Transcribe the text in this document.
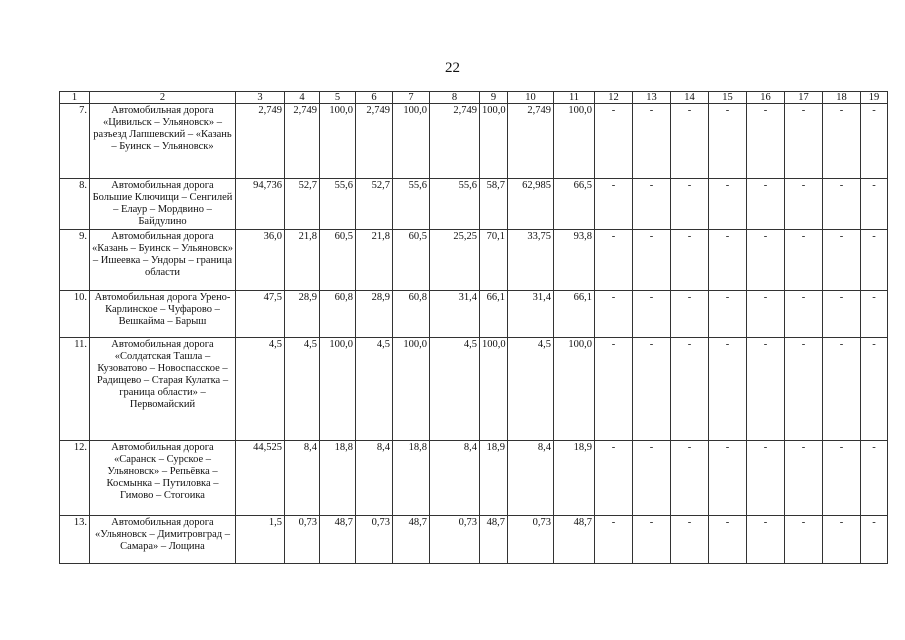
22
1	2	3	4	5	6	7	8	9	10	11	12	13	14	15	16	17	18	19
7.	Автомобильная дорога «Цивильск – Ульяновск» – разъезд Лапшевский – «Казань – Буинск – Ульяновск»	2,749	2,749	100,0	2,749	100,0	2,749	100,0	2,749	100,0	-	-	-	-	-	-	-	-
8.	Автомобильная дорога Большие Ключищи – Сенгилей – Елаур – Мордвино – Байдулино	94,736	52,7	55,6	52,7	55,6	55,6	58,7	62,985	66,5	-	-	-	-	-	-	-	-
9.	Автомобильная дорога «Казань – Буинск – Ульяновск» – Ишеевка – Ундоры – граница области	36,0	21,8	60,5	21,8	60,5	25,25	70,1	33,75	93,8	-	-	-	-	-	-	-	-
10.	Автомобильная дорога Урено-Карлинское – Чуфарово – Вешкайма – Барыш	47,5	28,9	60,8	28,9	60,8	31,4	66,1	31,4	66,1	-	-	-	-	-	-	-	-
11.	Автомобильная дорога «Солдатская Ташла – Кузоватово – Новоспасское – Радищево – Старая Кулатка – граница области» – Первомайский	4,5	4,5	100,0	4,5	100,0	4,5	100,0	4,5	100,0	-	-	-	-	-	-	-	-
12.	Автомобильная дорога «Саранск – Сурское – Ульяновск» – Репьёвка – Космынка – Путиловка – Гимово – Стогоика	44,525	8,4	18,8	8,4	18,8	8,4	18,9	8,4	18,9	-	-	-	-	-	-	-	-
13.	Автомобильная дорога «Ульяновск – Димитровград – Самара» – Лощина	1,5	0,73	48,7	0,73	48,7	0,73	48,7	0,73	48,7	-	-	-	-	-	-	-	-
